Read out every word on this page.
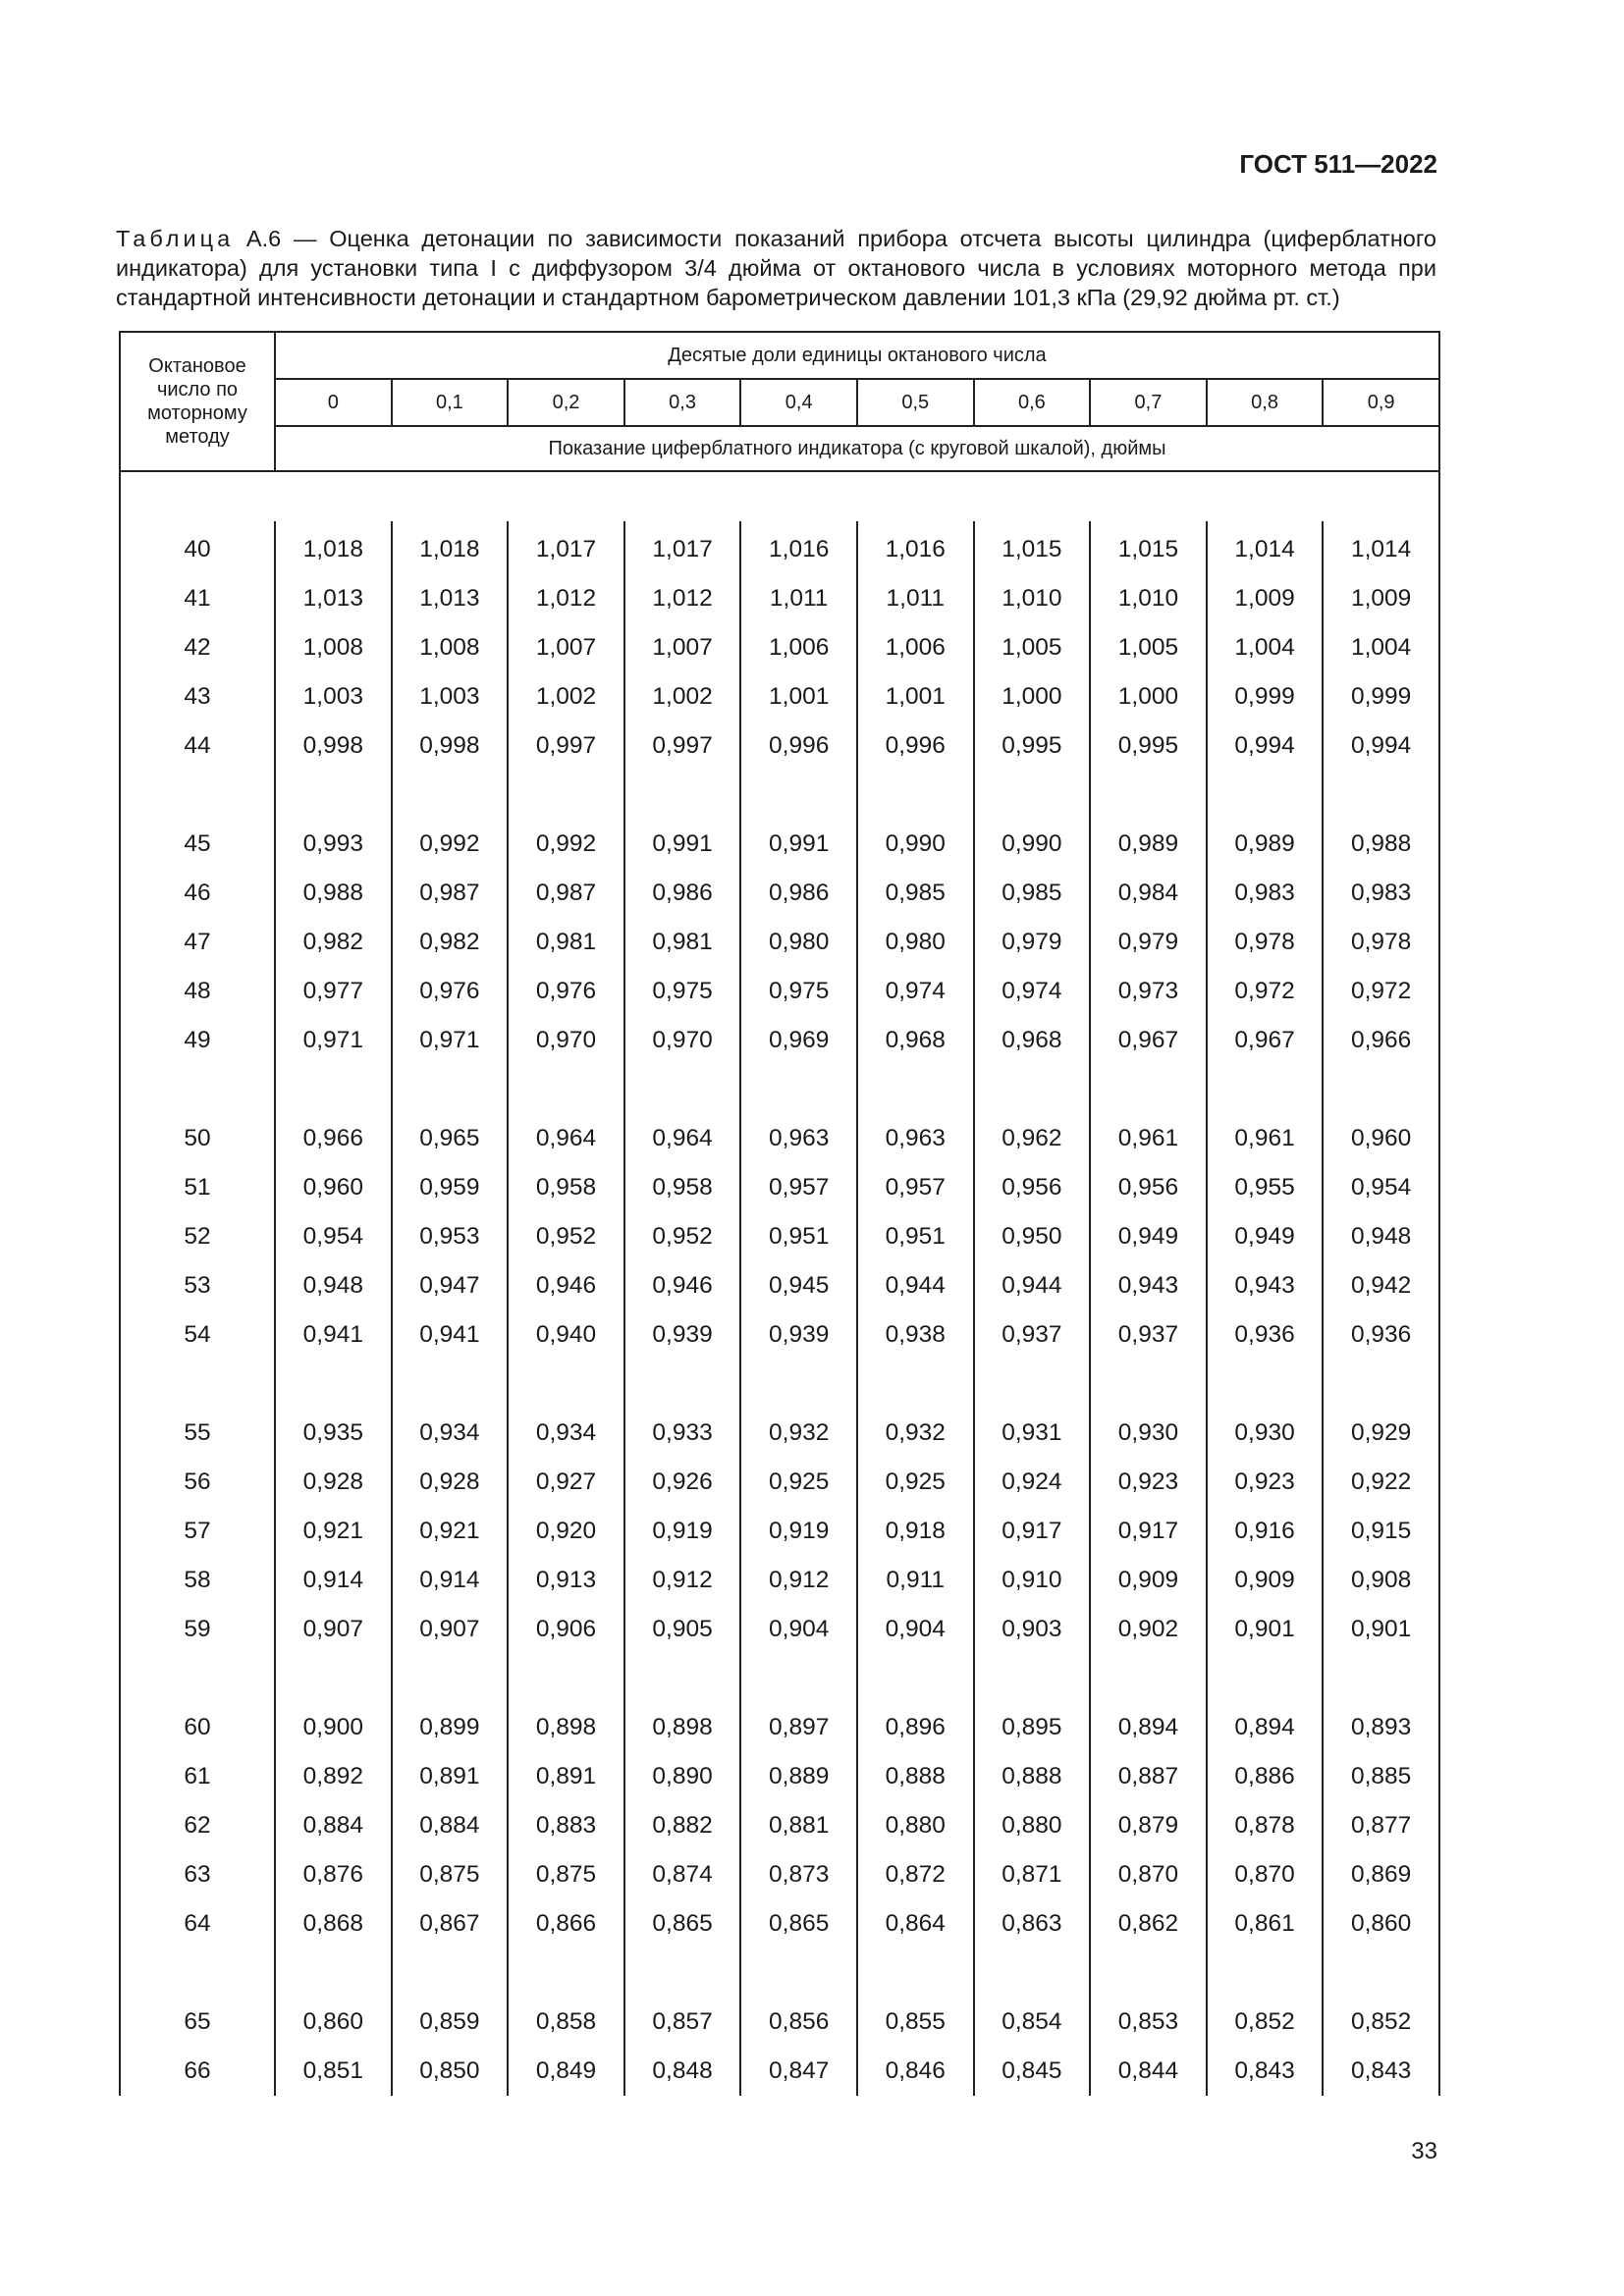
ГОСТ 511—2022
Таблица А.6 — Оценка детонации по зависимости показаний прибора отсчета высоты цилиндра (циферблатного индикатора) для установки типа I с диффузором 3/4 дюйма от октанового числа в условиях моторного метода при стандартной интенсивности детонации и стандартном барометрическом давлении 101,3 кПа (29,92 дюйма рт. ст.)
Октановое число по моторному методу	Десятые доли единицы октанового числа									
	0	0,1	0,2	0,3	0,4	0,5	0,6	0,7	0,8	0,9
	Показание циферблатного индикатора (с круговой шкалой), дюймы									

40	1,018	1,018	1,017	1,017	1,016	1,016	1,015	1,015	1,014	1,014
41	1,013	1,013	1,012	1,012	1,011	1,011	1,010	1,010	1,009	1,009
42	1,008	1,008	1,007	1,007	1,006	1,006	1,005	1,005	1,004	1,004
43	1,003	1,003	1,002	1,002	1,001	1,001	1,000	1,000	0,999	0,999
44	0,998	0,998	0,997	0,997	0,996	0,996	0,995	0,995	0,994	0,994

45	0,993	0,992	0,992	0,991	0,991	0,990	0,990	0,989	0,989	0,988
46	0,988	0,987	0,987	0,986	0,986	0,985	0,985	0,984	0,983	0,983
47	0,982	0,982	0,981	0,981	0,980	0,980	0,979	0,979	0,978	0,978
48	0,977	0,976	0,976	0,975	0,975	0,974	0,974	0,973	0,972	0,972
49	0,971	0,971	0,970	0,970	0,969	0,968	0,968	0,967	0,967	0,966

50	0,966	0,965	0,964	0,964	0,963	0,963	0,962	0,961	0,961	0,960
51	0,960	0,959	0,958	0,958	0,957	0,957	0,956	0,956	0,955	0,954
52	0,954	0,953	0,952	0,952	0,951	0,951	0,950	0,949	0,949	0,948
53	0,948	0,947	0,946	0,946	0,945	0,944	0,944	0,943	0,943	0,942
54	0,941	0,941	0,940	0,939	0,939	0,938	0,937	0,937	0,936	0,936

55	0,935	0,934	0,934	0,933	0,932	0,932	0,931	0,930	0,930	0,929
56	0,928	0,928	0,927	0,926	0,925	0,925	0,924	0,923	0,923	0,922
57	0,921	0,921	0,920	0,919	0,919	0,918	0,917	0,917	0,916	0,915
58	0,914	0,914	0,913	0,912	0,912	0,911	0,910	0,909	0,909	0,908
59	0,907	0,907	0,906	0,905	0,904	0,904	0,903	0,902	0,901	0,901

60	0,900	0,899	0,898	0,898	0,897	0,896	0,895	0,894	0,894	0,893
61	0,892	0,891	0,891	0,890	0,889	0,888	0,888	0,887	0,886	0,885
62	0,884	0,884	0,883	0,882	0,881	0,880	0,880	0,879	0,878	0,877
63	0,876	0,875	0,875	0,874	0,873	0,872	0,871	0,870	0,870	0,869
64	0,868	0,867	0,866	0,865	0,865	0,864	0,863	0,862	0,861	0,860

65	0,860	0,859	0,858	0,857	0,856	0,855	0,854	0,853	0,852	0,852
66	0,851	0,850	0,849	0,848	0,847	0,846	0,845	0,844	0,843	0,843
33
